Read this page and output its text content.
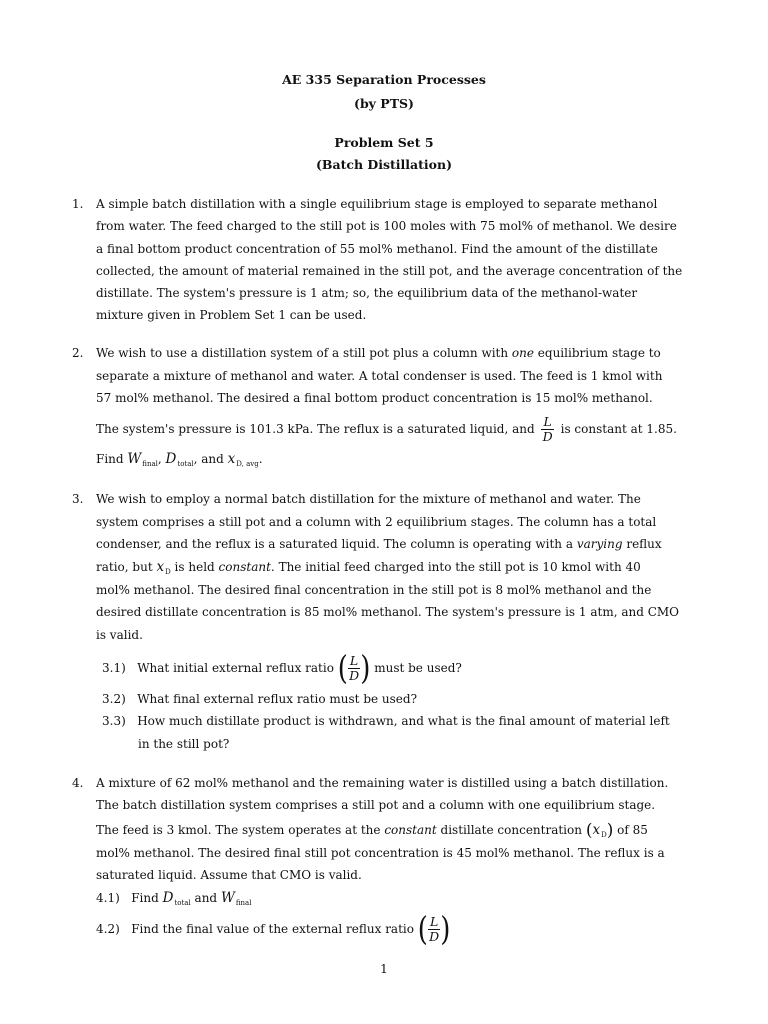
AE 335 Separation Processes
(by PTS)
Problem Set 5
(Batch Distillation)
1. A simple batch distillation with a single equilibrium stage is employed to separate methanol
from water. The feed charged to the still pot is 100 moles with 75 mol% of methanol. We desire
a final bottom product concentration of 55 mol% methanol. Find the amount of the distillate
collected, the amount of material remained in the still pot, and the average concentration of the
distillate. The system's pressure is 1 atm; so, the equilibrium data of the methanol-water
mixture given in Problem Set 1 can be used.
2. We wish to use a distillation system of a still pot plus a column with one equilibrium stage to
separate a mixture of methanol and water. A total condenser is used. The feed is 1 kmol with
57 mol% methanol. The desired a final bottom product concentration is 15 mol% methanol.
The system's pressure is 101.3 kPa. The reflux is a saturated liquid, and $\frac{L}{D}$ is constant at 1.85.
Find $W_{final}$, $D_{total}$, and $x_{D, avg}$.
3. We wish to employ a normal batch distillation for the mixture of methanol and water. The
system comprises a still pot and a column with 2 equilibrium stages. The column has a total
condenser, and the reflux is a saturated liquid. The column is operating with a varying reflux
ratio, but $x_D$ is held constant. The initial feed charged into the still pot is 10 kmol with 40
mol% methanol. The desired final concentration in the still pot is 8 mol% methanol and the
desired distillate concentration is 85 mol% methanol. The system's pressure is 1 atm, and CMO
is valid.
3.1) What initial external reflux ratio ( $\frac{L}{D}$ ) must be used?
3.2) What final external reflux ratio must be used?
3.3) How much distillate product is withdrawn, and what is the final amount of material left
in the still pot?
4. A mixture of 62 mol% methanol and the remaining water is distilled using a batch distillation.
The batch distillation system comprises a still pot and a column with one equilibrium stage.
The feed is 3 kmol. The system operates at the constant distillate concentration $(x_D)$ of 85
mol% methanol. The desired final still pot concentration is 45 mol% methanol. The reflux is a
saturated liquid. Assume that CMO is valid.
4.1) Find $D_{total}$ and $W_{final}$
4.2) Find the final value of the external reflux ratio ( $\frac{L}{D}$ )
1
